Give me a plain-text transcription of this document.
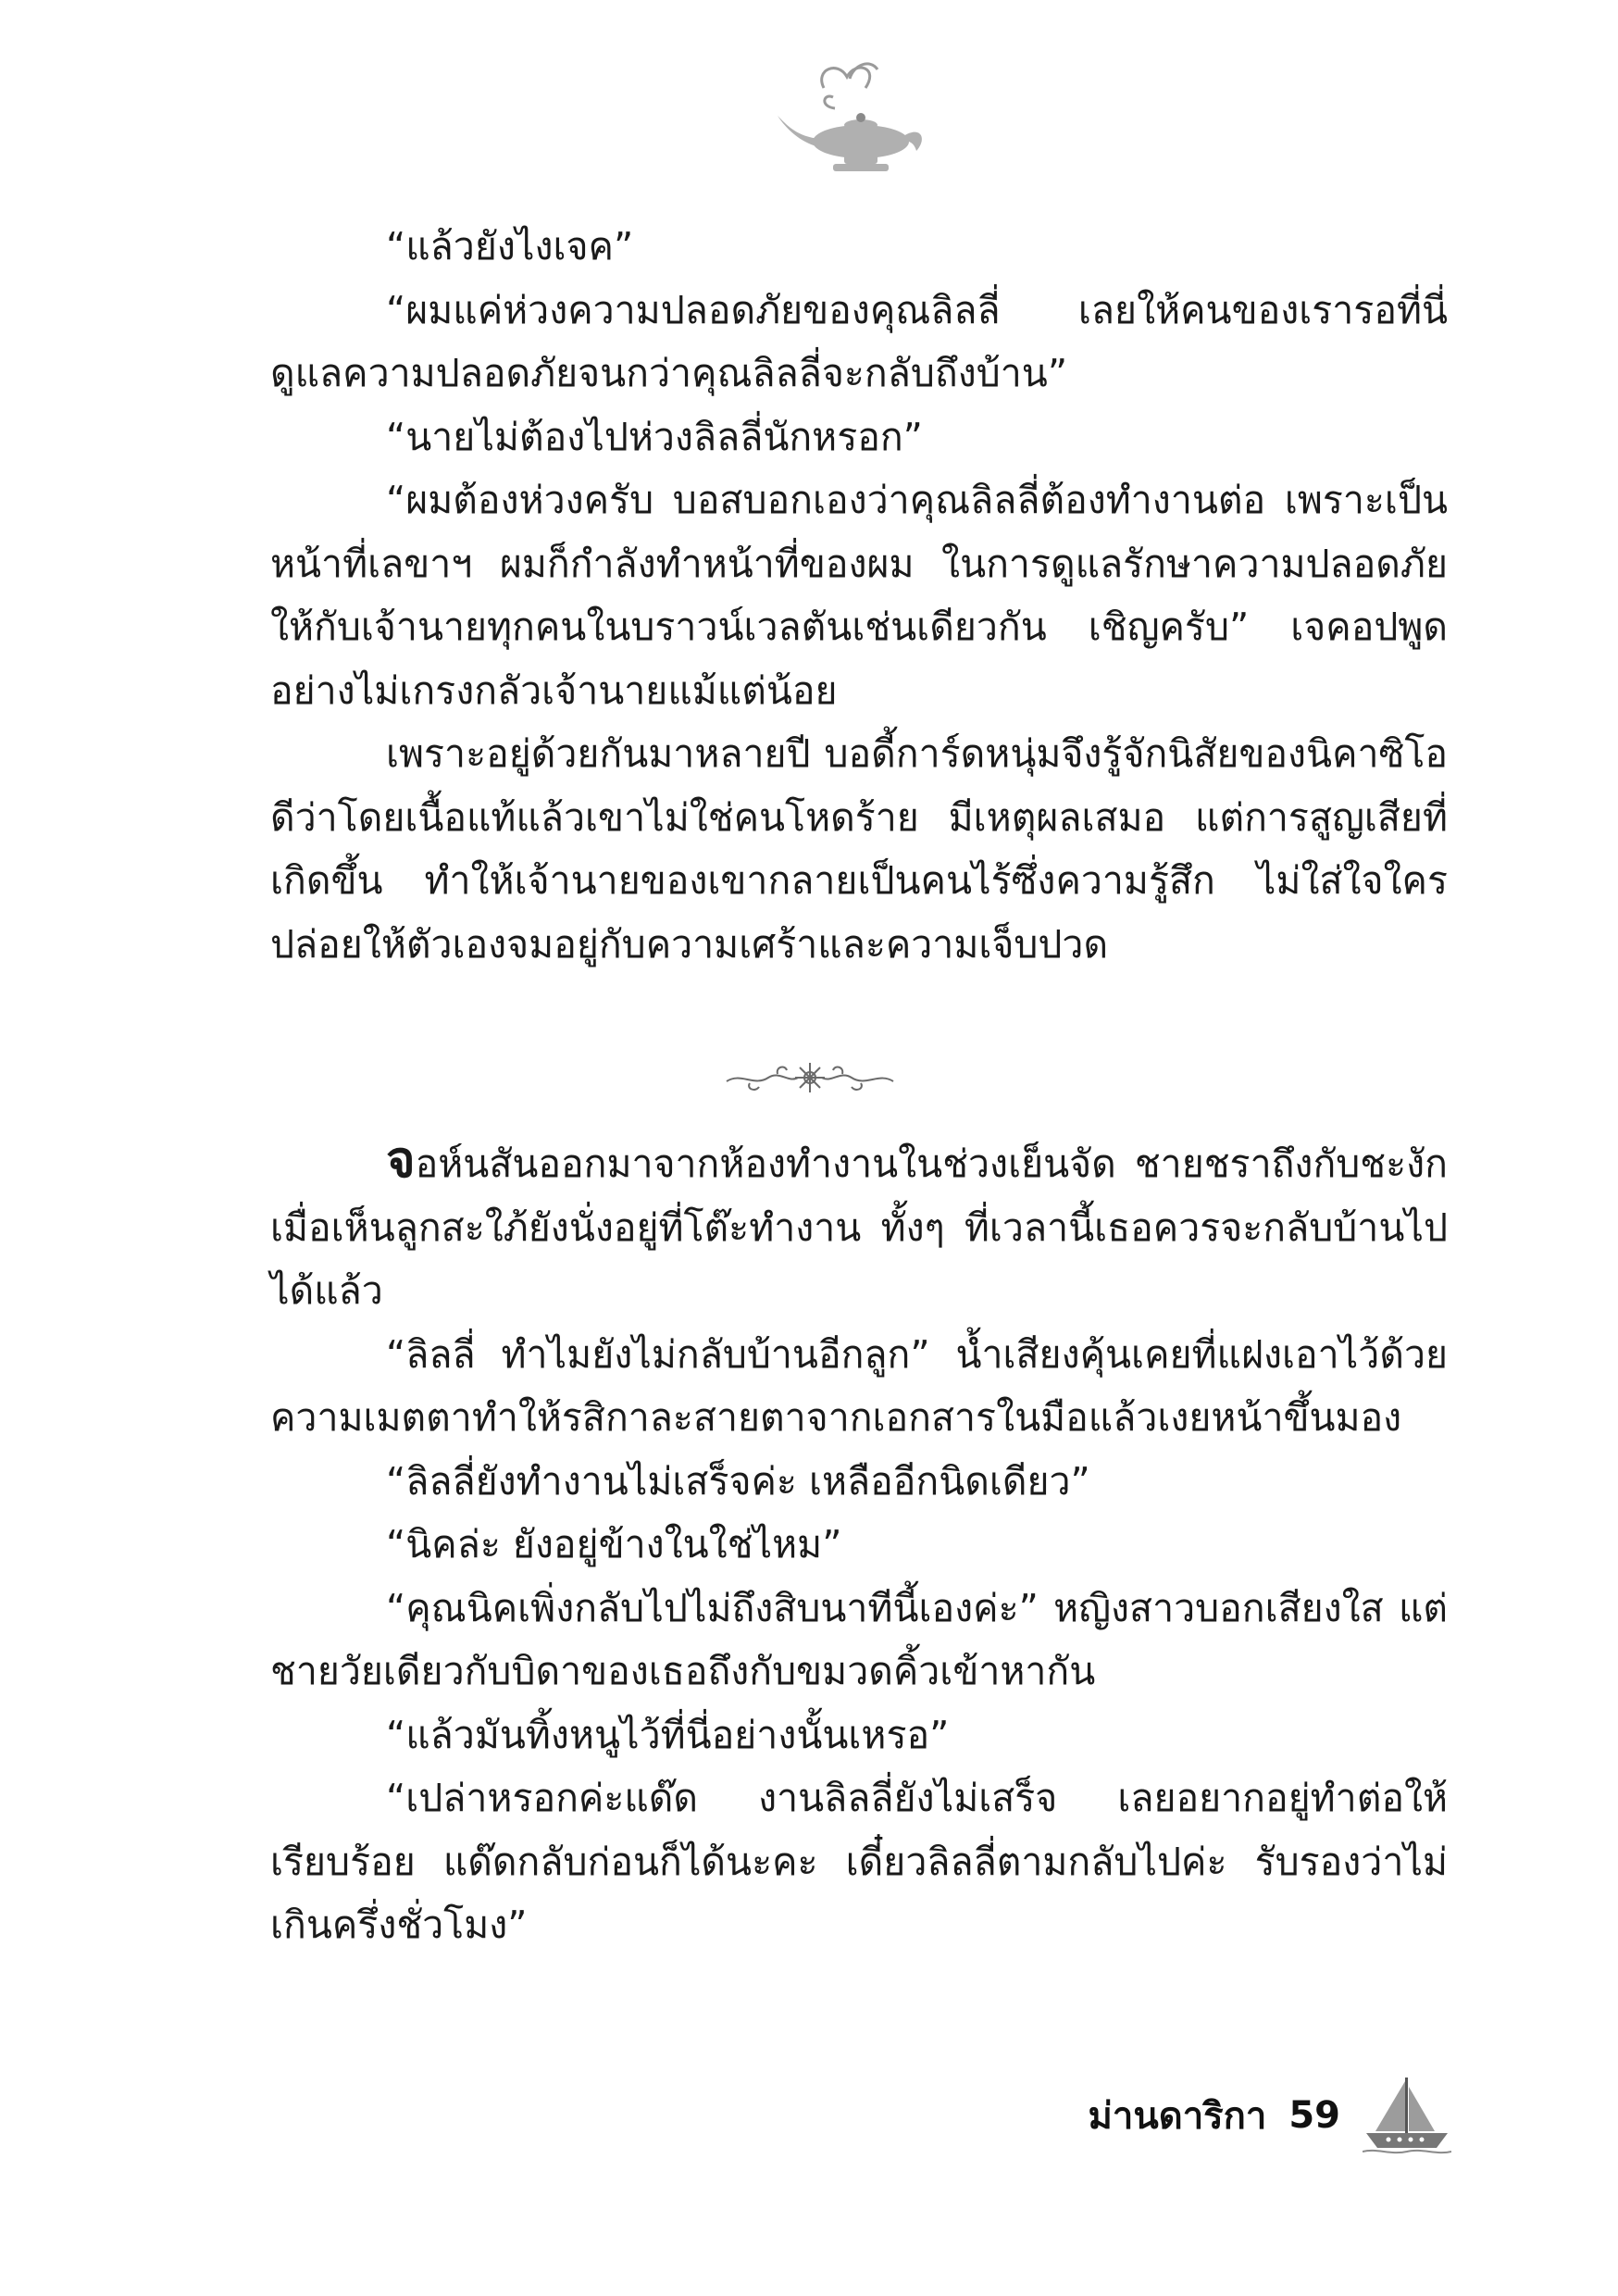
“แล้วยังไงเจค”

“ผมแค่ห่วงความปลอดภัยของคุณลิลลี่ เลยให้คนของเรารอที่นี่ดูแลความปลอดภัยจนกว่าคุณลิลลี่จะกลับถึงบ้าน”

“นายไม่ต้องไปห่วงลิลลี่นักหรอก”

“ผมต้องห่วงครับ บอสบอกเองว่าคุณลิลลี่ต้องทำงานต่อ เพราะเป็นหน้าที่เลขาฯ ผมก็กำลังทำหน้าที่ของผม ในการดูแลรักษาความปลอดภัยให้กับเจ้านายทุกคนในบราวน์เวลตันเช่นเดียวกัน เชิญครับ” เจคอปพูดอย่างไม่เกรงกลัวเจ้านายแม้แต่น้อย

เพราะอยู่ด้วยกันมาหลายปี บอดี้การ์ดหนุ่มจึงรู้จักนิสัยของนิคาซิโอดีว่าโดยเนื้อแท้แล้วเขาไม่ใช่คนโหดร้าย มีเหตุผลเสมอ แต่การสูญเสียที่เกิดขึ้น ทำให้เจ้านายของเขากลายเป็นคนไร้ซึ่งความรู้สึก ไม่ใส่ใจใครปล่อยให้ตัวเองจมอยู่กับความเศร้าและความเจ็บปวด

จอห์นสันออกมาจากห้องทำงานในช่วงเย็นจัด ชายชราถึงกับชะงักเมื่อเห็นลูกสะใภ้ยังนั่งอยู่ที่โต๊ะทำงาน ทั้งๆ ที่เวลานี้เธอควรจะกลับบ้านไปได้แล้ว

“ลิลลี่ ทำไมยังไม่กลับบ้านอีกลูก” น้ำเสียงคุ้นเคยที่แฝงเอาไว้ด้วยความเมตตาทำให้รสิกาละสายตาจากเอกสารในมือแล้วเงยหน้าขึ้นมอง

“ลิลลี่ยังทำงานไม่เสร็จค่ะ เหลืออีกนิดเดียว”

“นิคล่ะ ยังอยู่ข้างในใช่ไหม”

“คุณนิคเพิ่งกลับไปไม่ถึงสิบนาทีนี้เองค่ะ” หญิงสาวบอกเสียงใส แต่ชายวัยเดียวกับบิดาของเธอถึงกับขมวดคิ้วเข้าหากัน

“แล้วมันทิ้งหนูไว้ที่นี่อย่างนั้นเหรอ”

“เปล่าหรอกค่ะแด๊ด งานลิลลี่ยังไม่เสร็จ เลยอยากอยู่ทำต่อให้เรียบร้อย แด๊ดกลับก่อนก็ได้นะคะ เดี๋ยวลิลลี่ตามกลับไปค่ะ รับรองว่าไม่เกินครึ่งชั่วโมง”

ม่านดาริกา 59
